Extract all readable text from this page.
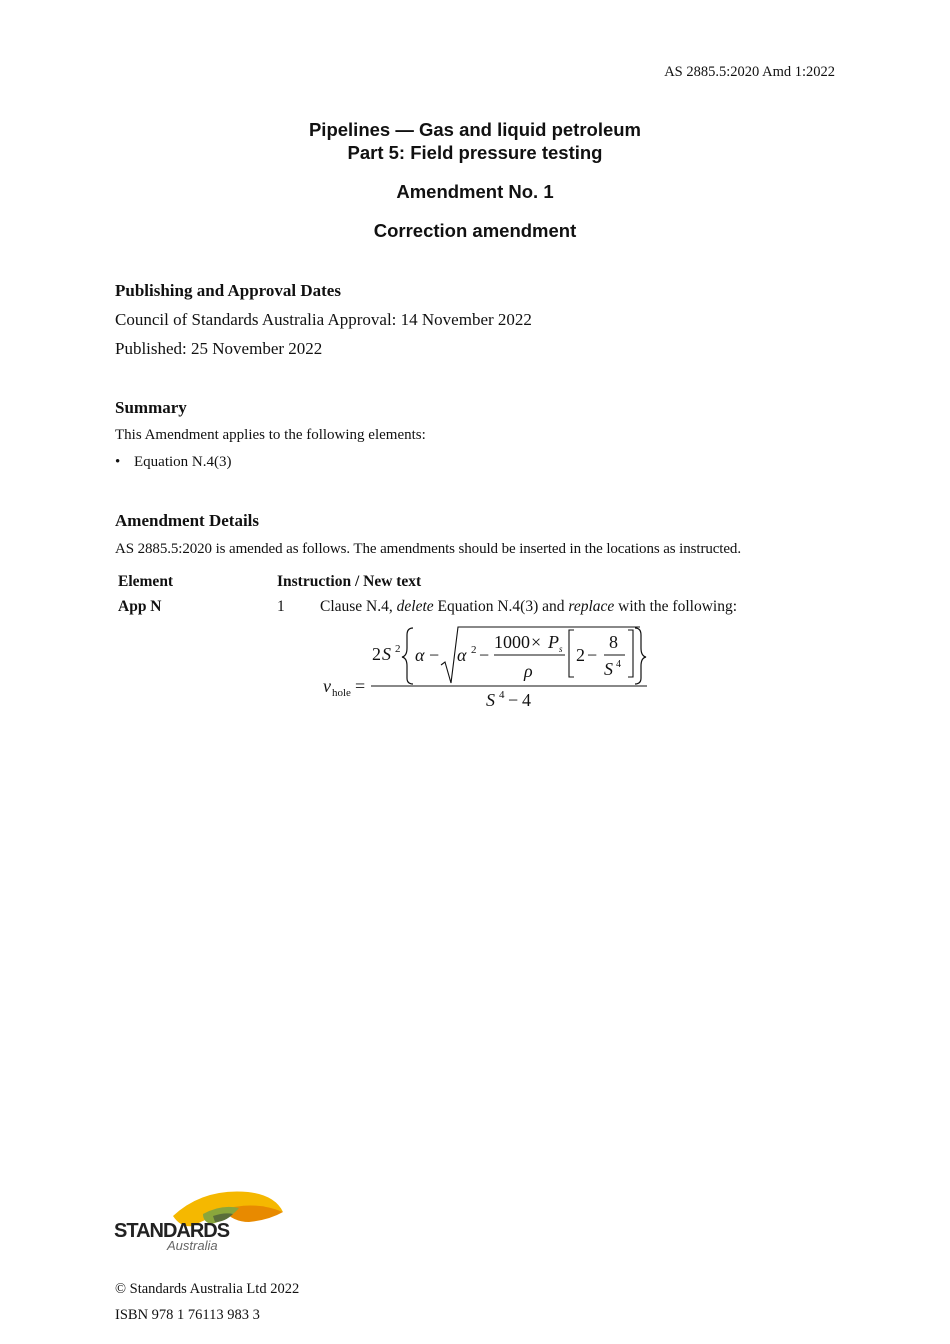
AS 2885.5:2020 Amd 1:2022
Pipelines — Gas and liquid petroleum
Part 5: Field pressure testing
Amendment No. 1
Correction amendment
Publishing and Approval Dates
Council of Standards Australia Approval: 14 November 2022
Published: 25 November 2022
Summary
This Amendment applies to the following elements:
• Equation N.4(3)
Amendment Details
AS 2885.5:2020 is amended as follows. The amendments should be inserted in the locations as instructed.
Element	Instruction / New text
App N	1 Clause N.4, delete Equation N.4(3) and replace with the following:
v hole =
2 S 2 α − α 2 −
1000 × P s
ρ
2 −
8
S 4
S 4 − 4
STANDARDS
Australia
© Standards Australia Ltd 2022
ISBN 978 1 76113 983 3
